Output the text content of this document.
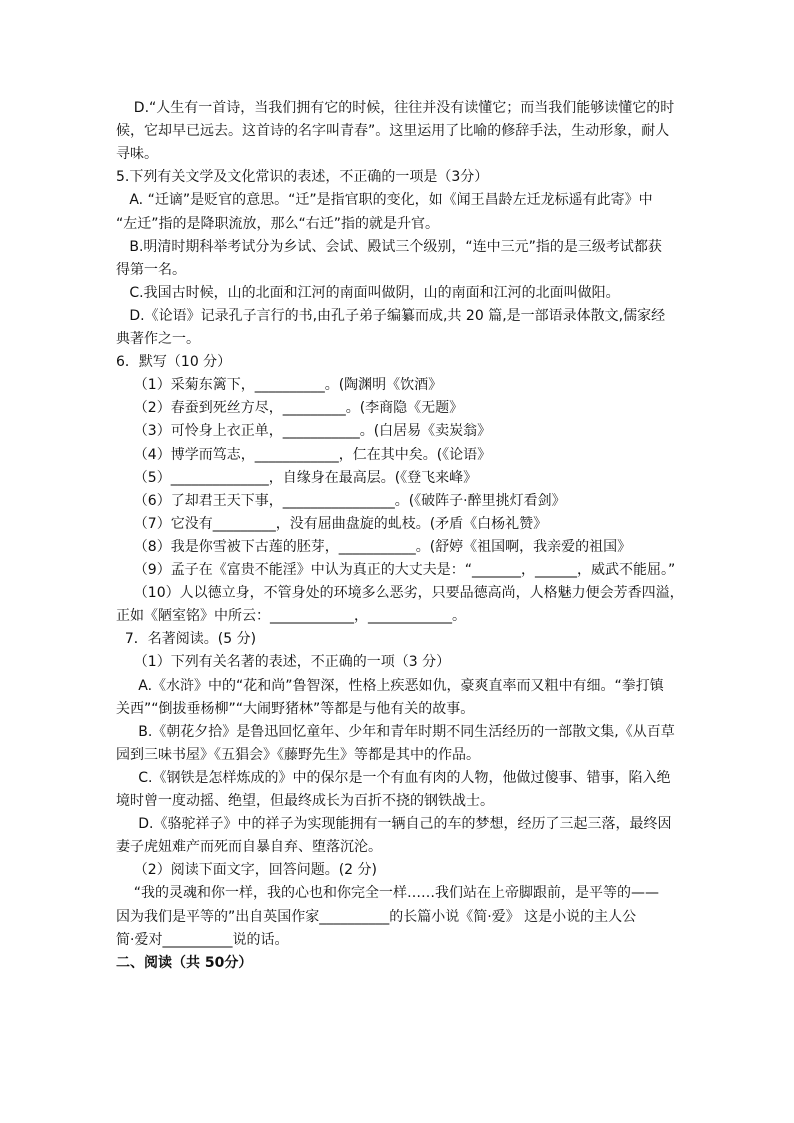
D.“人生有一首诗，当我们拥有它的时候，往往并没有读懂它；而当我们能够读懂它的时
候，它却早已远去。这首诗的名字叫青春”。这里运用了比喻的修辞手法，生动形象，耐人
寻味。
5.下列有关文学及文化常识的表述，不正确的一项是（3分）
A. “迁谪”是贬官的意思。“迁”是指官职的变化，如《闻王昌龄左迁龙标遥有此寄》中
“左迁”指的是降职流放，那么“右迁”指的就是升官。
B.明清时期科举考试分为乡试、会试、殿试三个级别，“连中三元”指的是三级考试都获
得第一名。
C.我国古时候，山的北面和江河的南面叫做阴，山的南面和江河的北面叫做阳。
D.《论语》记录孔子言行的书,由孔子弟子编纂而成,共 20 篇,是一部语录体散文,儒家经
典著作之一。
6．默写（10 分）
（1）采菊东篱下，__________。(陶渊明《饮酒》
（2）春蚕到死丝方尽，_________。(李商隐《无题》
（3）可怜身上衣正单，___________。(白居易《卖炭翁》
（4）博学而笃志，____________，仁在其中矣。(《论语》
（5）______________，自缘身在最高层。(《登飞来峰》
（6）了却君王天下事，________________。(《破阵子·醉里挑灯看剑》
（7）它没有_________，没有屈曲盘旋的虬枝。(矛盾《白杨礼赞》
（8）我是你雪被下古莲的胚芽，___________。(舒婷《祖国啊，我亲爱的祖国》
（9）孟子在《富贵不能淫》中认为真正的大丈夫是：“_______，______，威武不能屈。”
（10）人以德立身，不管身处的环境多么恶劣，只要品德高尚，人格魅力便会芳香四溢，
正如《陋室铭》中所云：____________，____________。
7．名著阅读。(5 分)
（1）下列有关名著的表述，不正确的一项（3 分）
A.《水浒》中的“花和尚”鲁智深，性格上疾恶如仇，豪爽直率而又粗中有细。“拳打镇
关西”“倒拔垂杨柳”“大闹野猪林”等都是与他有关的故事。
B.《朝花夕拾》是鲁迅回忆童年、少年和青年时期不同生活经历的一部散文集,《从百草
园到三味书屋》《五猖会》《藤野先生》等都是其中的作品。
C.《钢铁是怎样炼成的》中的保尔是一个有血有肉的人物，他做过傻事、错事，陷入绝
境时曾一度动摇、绝望，但最终成长为百折不挠的钢铁战士。
D.《骆驼祥子》中的祥子为实现能拥有一辆自己的车的梦想，经历了三起三落，最终因
妻子虎妞难产而死而自暴自弃、堕落沉沦。
（2）阅读下面文字，回答问题。(2 分)
“我的灵魂和你一样，我的心也和你完全一样……我们站在上帝脚跟前，是平等的——
因为我们是平等的”出自英国作家__________的长篇小说《简·爱》 这是小说的主人公
简·爱对__________说的话。
二、阅读（共 50分）
